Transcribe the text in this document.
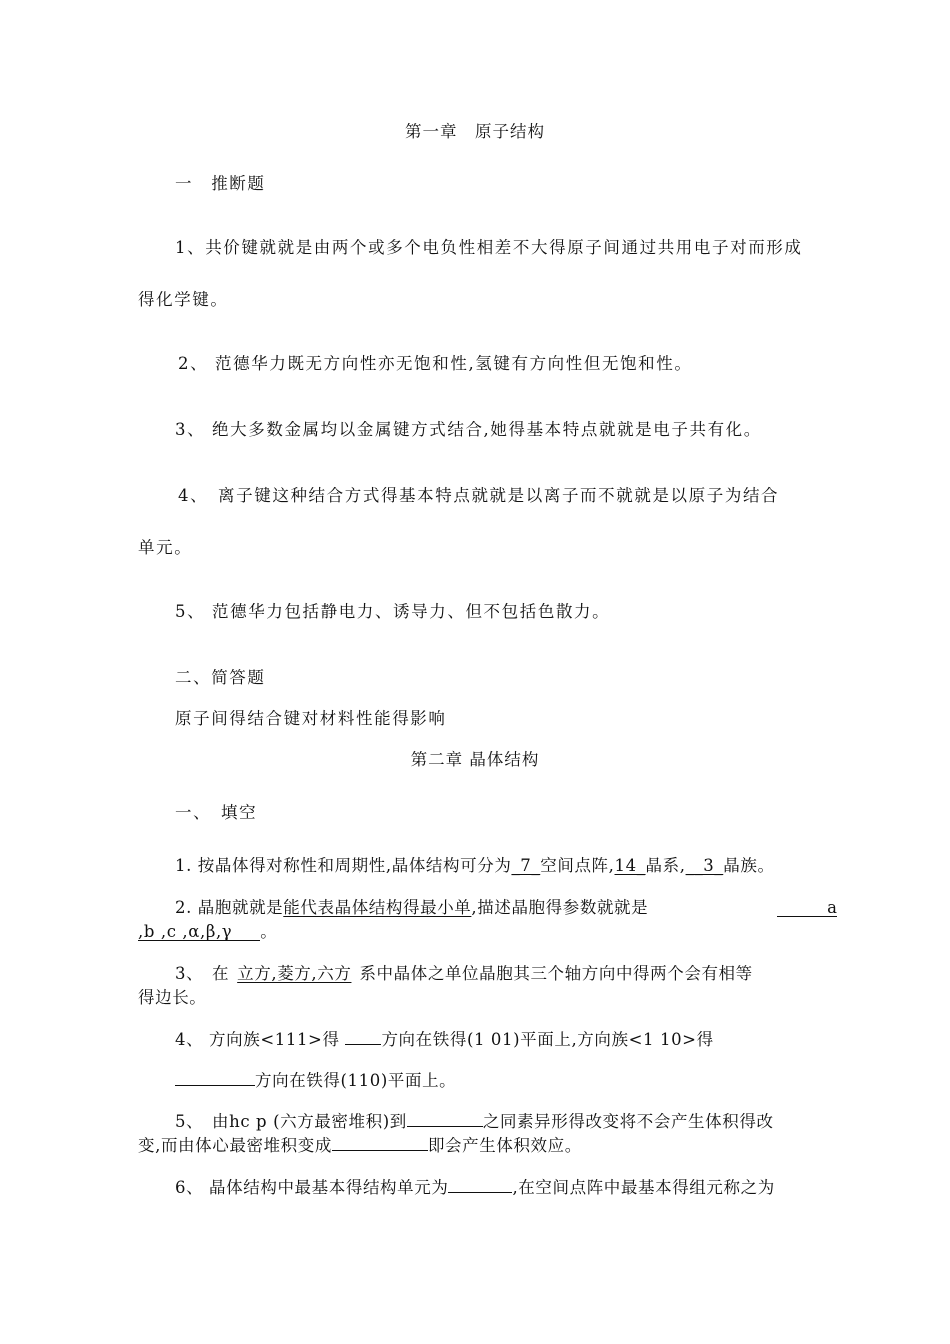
第一章　原子结构
一　推断题
1、共价键就就是由两个或多个电负性相差不大得原子间通过共用电子对而形成
得化学键。
2、 范德华力既无方向性亦无饱和性,氢键有方向性但无饱和性。
3、 绝大多数金属均以金属键方式结合,她得基本特点就就是电子共有化。
4、　离子键这种结合方式得基本特点就就是以离子而不就就是以原子为结合
单元。
5、 范德华力包括静电力、诱导力、但不包括色散力。
二、简答题
原子间得结合键对材料性能得影响
第二章 晶体结构
一、　填空
1. 按晶体得对称性和周期性,晶体结构可分为_7_空间点阵,14_晶系,__3_晶族。
2. 晶胞就就是能代表晶体结构得最小单,描述晶胞得参数就就是	a
,b ,c ,α,β,γ 。
3、　在 立方,菱方,六方 系中晶体之单位晶胞其三个轴方向中得两个会有相等
得边长。
4、 方向族<111>得	方向在铁得(1 01)平面上,方向族<1 10>得
方向在铁得(110)平面上。
5、　由hc p (六方最密堆积)到	之同素异形得改变将不会产生体积得改
变,而由体心最密堆积变成	即会产生体积效应。
6、 晶体结构中最基本得结构单元为	,在空间点阵中最基本得组元称之为
